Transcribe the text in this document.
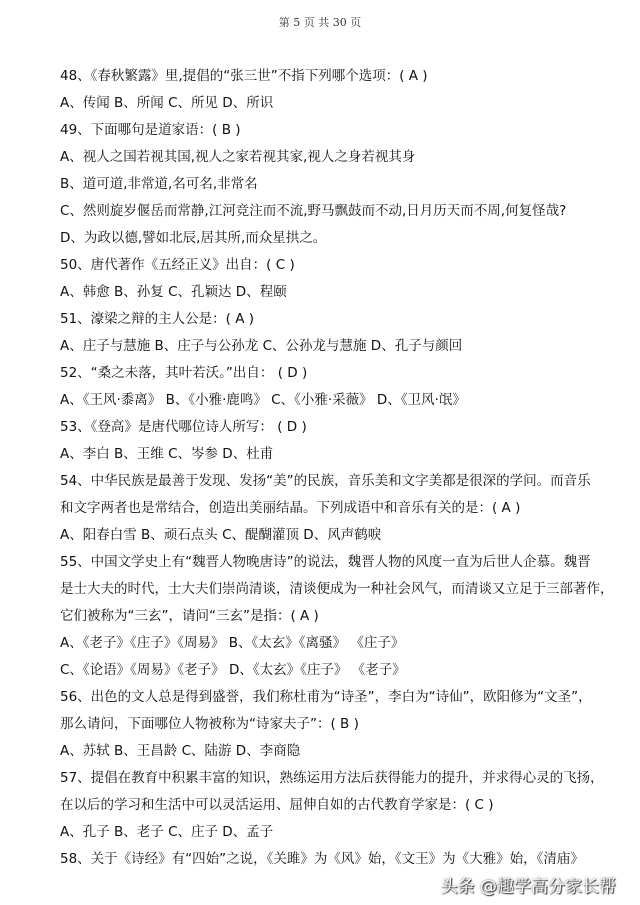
第 5 页 共 30 页
48、《春秋繁露》里,提倡的“张三世”不指下列哪个选项：( A )
A、传闻 B、所闻 C、所见 D、所识
49、下面哪句是道家语：( B )
A、视人之国若视其国,视人之家若视其家,视人之身若视其身
B、道可道,非常道,名可名,非常名
C、然则旋岁偃岳而常静,江河竞注而不流,野马飘鼓而不动,日月历天而不周,何复怪哉?
D、为政以德,譬如北辰,居其所,而众星拱之。
50、唐代著作《五经正义》出自：( C )
A、韩愈 B、孙复 C、孔颖达 D、程颐
51、濠梁之辩的主人公是：( A )
A、庄子与慧施 B、庄子与公孙龙 C、公孙龙与慧施 D、孔子与颜回
52、“桑之未落，其叶若沃。”出自： ( D )
A、《王风·黍离》 B、《小雅·鹿鸣》 C、《小雅·采薇》 D、《卫风·氓》
53、《登高》是唐代哪位诗人所写： ( D )
A、李白 B、王维 C、岑参 D、杜甫
54、中华民族是最善于发现、发扬“美”的民族，音乐美和文字美都是很深的学问。而音乐
和文字两者也是常结合，创造出美丽结晶。下列成语中和音乐有关的是：( A )
A、阳春白雪 B、顽石点头 C、醍醐灌顶 D、风声鹤唳
55、中国文学史上有“魏晋人物晚唐诗”的说法，魏晋人物的风度一直为后世人企慕。魏晋
是士大夫的时代，士大夫们崇尚清谈，清谈便成为一种社会风气，而清谈又立足于三部著作，
它们被称为“三玄”，请问“三玄”是指：( A )
A、《老子》《庄子》《周易》 B、《太玄》《离骚》 《庄子》
C、《论语》《周易》《老子》 D、《太玄》《庄子》 《老子》
56、出色的文人总是得到盛誉，我们称杜甫为“诗圣”，李白为“诗仙”，欧阳修为“文圣”，
那么请问，下面哪位人物被称为“诗家夫子”：( B )
A、苏轼 B、王昌龄 C、陆游 D、李商隐
57、提倡在教育中积累丰富的知识，熟练运用方法后获得能力的提升，并求得心灵的飞扬，
在以后的学习和生活中可以灵活运用、屈伸自如的古代教育学家是：( C )
A、孔子 B、老子 C、庄子 D、孟子
58、关于《诗经》有“四始”之说，《关雎》为《风》始，《文王》为《大雅》始，《清庙》
头条 @趣学高分家长帮
